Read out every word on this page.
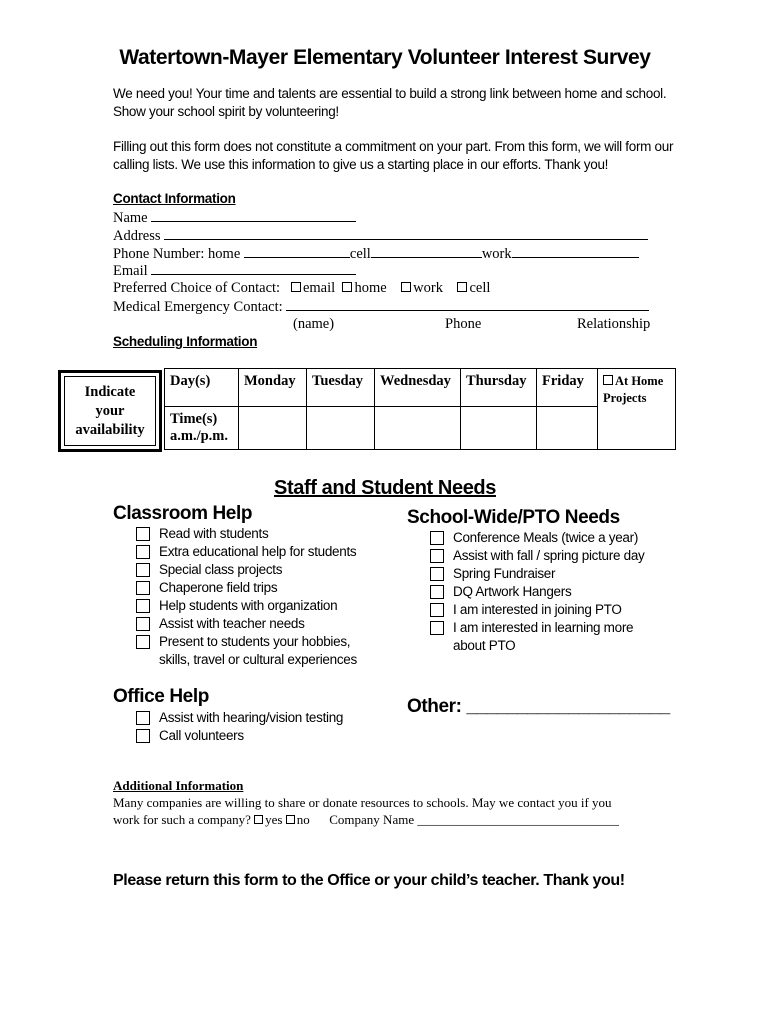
Watertown-Mayer Elementary Volunteer Interest Survey
We need you! Your time and talents are essential to build a strong link between home and school.
Show your school spirit by volunteering!
Filling out this form does not constitute a commitment on your part. From this form, we will form our
calling lists. We use this information to give us a starting place in our efforts. Thank you!
Contact Information
Name
Address
Phone Number: home	cell	work
Email
Preferred Choice of Contact: email home work cell
Medical Emergency Contact:
(name)	Phone	Relationship
Scheduling Information
Indicate
your
availability
Day(s)	Monday	Tuesday	Wednesday	Thursday	Friday	At Home
Projects

Time(s)
a.m./p.m.						

Staff and Student Needs
Classroom Help
Read with students
Extra educational help for students
Special class projects
Chaperone field trips
Help students with organization
Assist with teacher needs
Present to students your hobbies,
skills, travel or cultural experiences
School-Wide/PTO Needs
Conference Meals (twice a year)
Assist with fall / spring picture day
Spring Fundraiser
DQ Artwork Hangers
I am interested in joining PTO
I am interested in learning more
about PTO
Office Help
Assist with hearing/vision testing
Call volunteers
Other: ____________________
Additional Information
Many companies are willing to share or donate resources to schools. May we contact you if you
work for such a company? yes no Company Name _______________________________
Please return this form to the Office or your child’s teacher. Thank you!
